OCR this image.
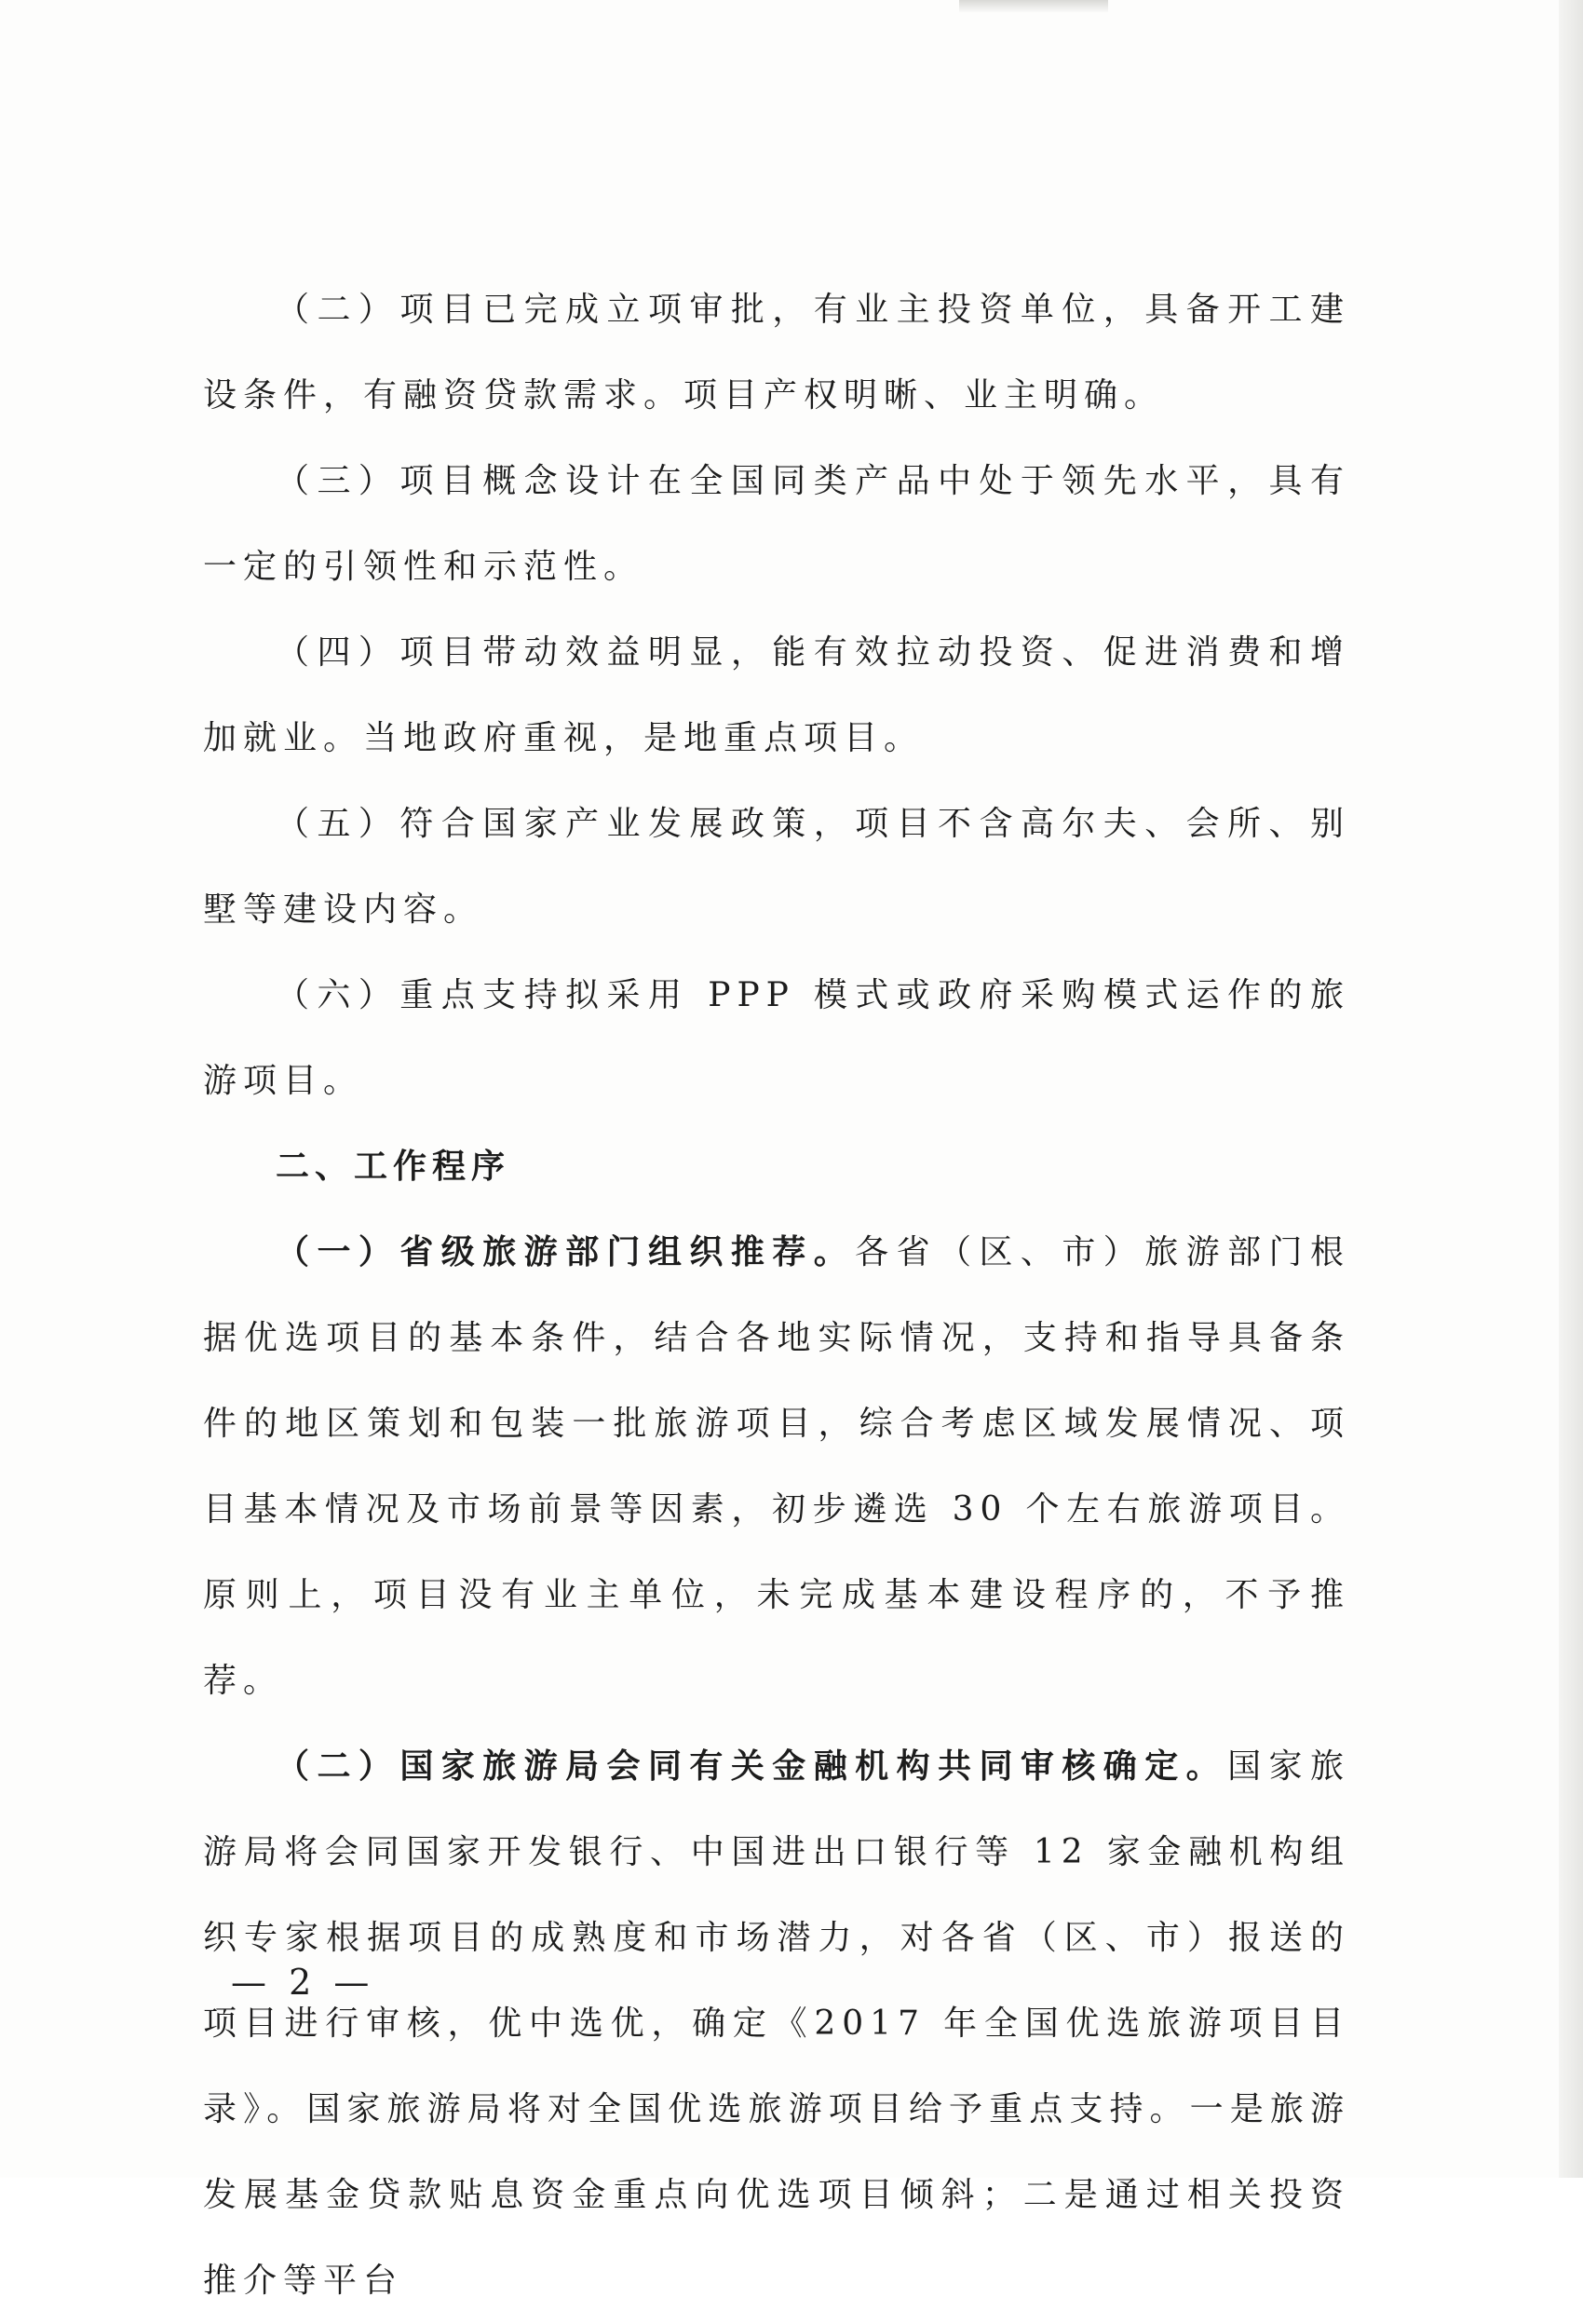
（二）项目已完成立项审批，有业主投资单位，具备开工建设条件，有融资贷款需求。项目产权明晰、业主明确。

（三）项目概念设计在全国同类产品中处于领先水平，具有一定的引领性和示范性。

（四）项目带动效益明显，能有效拉动投资、促进消费和增加就业。当地政府重视，是地重点项目。

（五）符合国家产业发展政策，项目不含高尔夫、会所、别墅等建设内容。

（六）重点支持拟采用 PPP 模式或政府采购模式运作的旅游项目。

二、工作程序

（一）省级旅游部门组织推荐。各省（区、市）旅游部门根据优选项目的基本条件，结合各地实际情况，支持和指导具备条件的地区策划和包装一批旅游项目，综合考虑区域发展情况、项目基本情况及市场前景等因素，初步遴选 30 个左右旅游项目。原则上，项目没有业主单位，未完成基本建设程序的，不予推荐。

（二）国家旅游局会同有关金融机构共同审核确定。国家旅游局将会同国家开发银行、中国进出口银行等 12 家金融机构组织专家根据项目的成熟度和市场潜力，对各省（区、市）报送的项目进行审核，优中选优，确定《2017 年全国优选旅游项目目录》。国家旅游局将对全国优选旅游项目给予重点支持。一是旅游发展基金贷款贴息资金重点向优选项目倾斜；二是通过相关投资推介等平台

— 2 —
